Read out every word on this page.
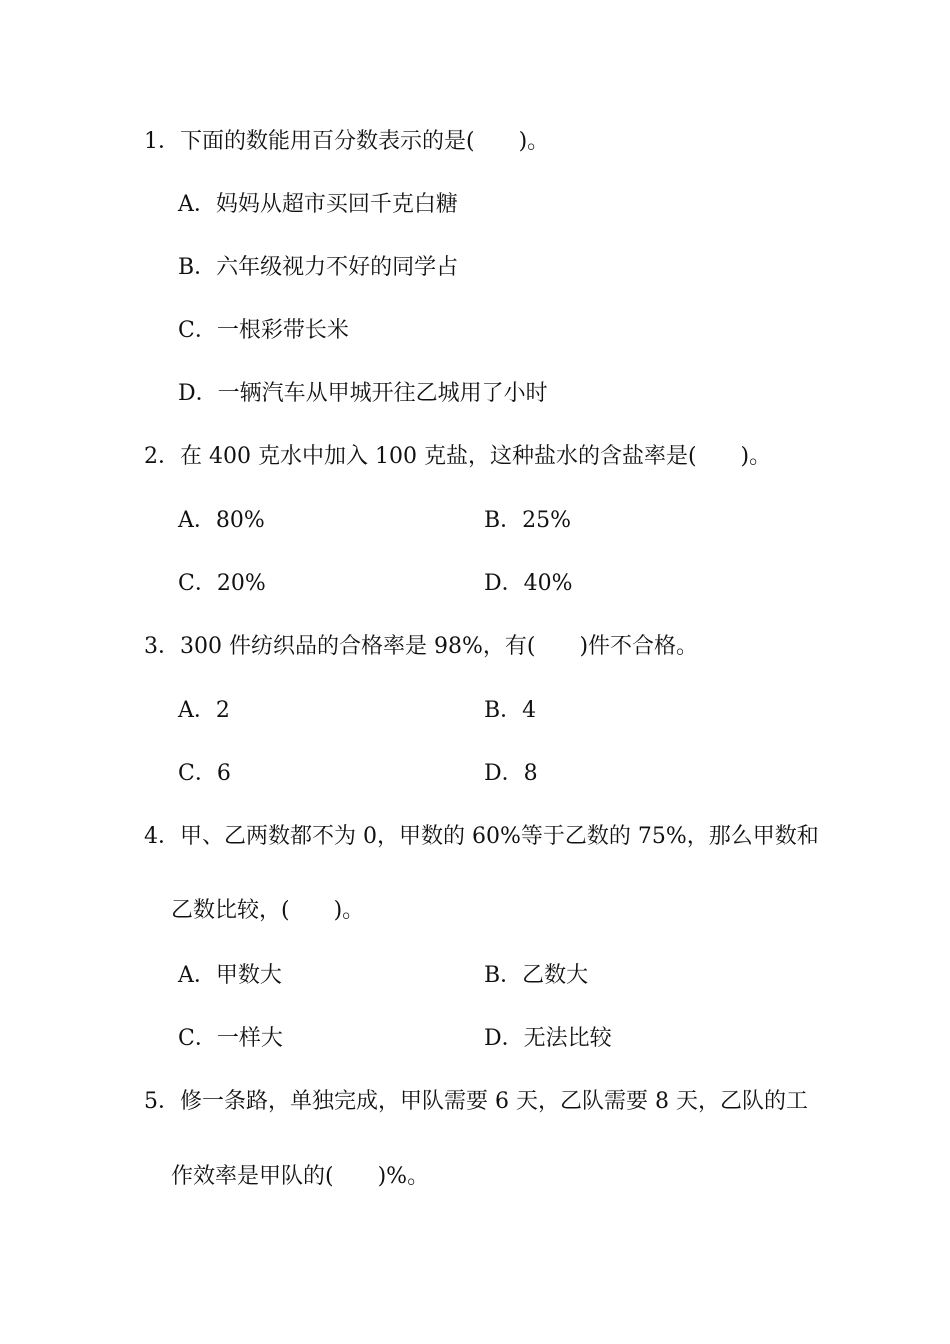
1．下面的数能用百分数表示的是(　　)。
A．妈妈从超市买回千克白糖
B．六年级视力不好的同学占
C．一根彩带长米
D．一辆汽车从甲城开往乙城用了小时
2．在 400 克水中加入 100 克盐，这种盐水的含盐率是(　　)。
A．80%	B．25%
C．20%	D．40%
3．300 件纺织品的合格率是 98%，有(　　)件不合格。
A．2	B．4
C．6	D．8
4．甲、乙两数都不为 0，甲数的 60%等于乙数的 75%，那么甲数和
乙数比较，(　　)。
A．甲数大	B．乙数大
C．一样大	D．无法比较
5．修一条路，单独完成，甲队需要 6 天，乙队需要 8 天，乙队的工
作效率是甲队的(　　)%。
